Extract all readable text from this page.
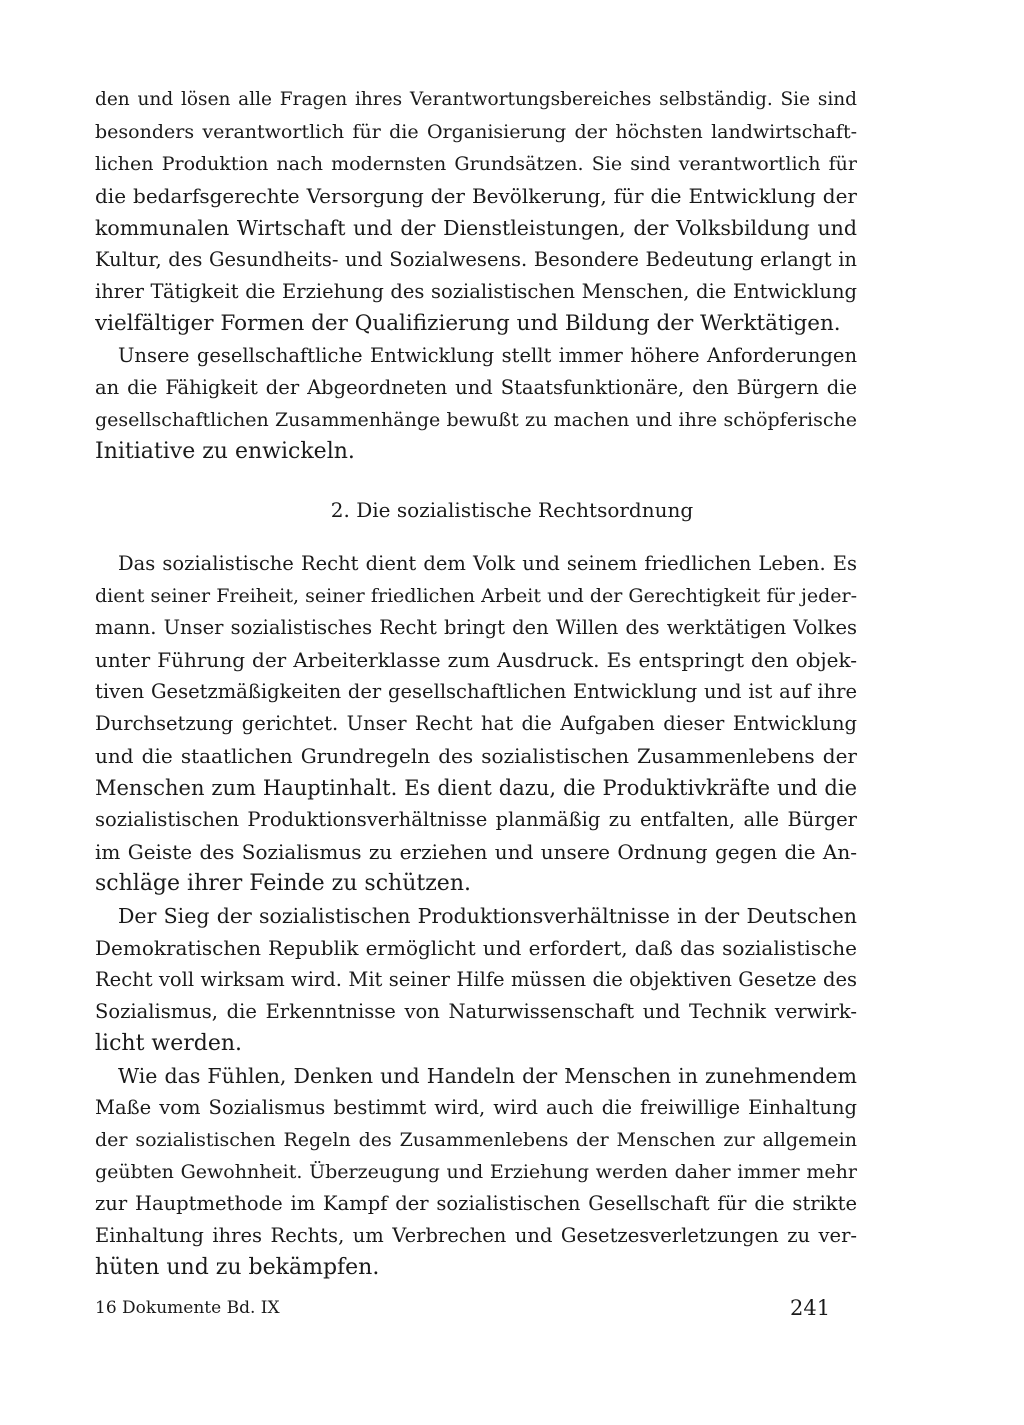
den und lösen alle Fragen ihres Verantwortungsbereiches selbständig. Sie sind
besonders verantwortlich für die Organisierung der höchsten landwirtschaft-
lichen Produktion nach modernsten Grundsätzen. Sie sind verantwortlich für
die bedarfsgerechte Versorgung der Bevölkerung, für die Entwicklung der
kommunalen Wirtschaft und der Dienstleistungen, der Volksbildung und
Kultur, des Gesundheits- und Sozialwesens. Besondere Bedeutung erlangt in
ihrer Tätigkeit die Erziehung des sozialistischen Menschen, die Entwicklung
vielfältiger Formen der Qualifizierung und Bildung der Werktätigen.
Unsere gesellschaftliche Entwicklung stellt immer höhere Anforderungen
an die Fähigkeit der Abgeordneten und Staatsfunktionäre, den Bürgern die
gesellschaftlichen Zusammenhänge bewußt zu machen und ihre schöpferische
Initiative zu enwickeln.
2. Die sozialistische Rechtsordnung
Das sozialistische Recht dient dem Volk und seinem friedlichen Leben. Es
dient seiner Freiheit, seiner friedlichen Arbeit und der Gerechtigkeit für jeder-
mann. Unser sozialistisches Recht bringt den Willen des werktätigen Volkes
unter Führung der Arbeiterklasse zum Ausdruck. Es entspringt den objek-
tiven Gesetzmäßigkeiten der gesellschaftlichen Entwicklung und ist auf ihre
Durchsetzung gerichtet. Unser Recht hat die Aufgaben dieser Entwicklung
und die staatlichen Grundregeln des sozialistischen Zusammenlebens der
Menschen zum Hauptinhalt. Es dient dazu, die Produktivkräfte und die
sozialistischen Produktionsverhältnisse planmäßig zu entfalten, alle Bürger
im Geiste des Sozialismus zu erziehen und unsere Ordnung gegen die An-
schläge ihrer Feinde zu schützen.
Der Sieg der sozialistischen Produktionsverhältnisse in der Deutschen
Demokratischen Republik ermöglicht und erfordert, daß das sozialistische
Recht voll wirksam wird. Mit seiner Hilfe müssen die objektiven Gesetze des
Sozialismus, die Erkenntnisse von Naturwissenschaft und Technik verwirk-
licht werden.
Wie das Fühlen, Denken und Handeln der Menschen in zunehmendem
Maße vom Sozialismus bestimmt wird, wird auch die freiwillige Einhaltung
der sozialistischen Regeln des Zusammenlebens der Menschen zur allgemein
geübten Gewohnheit. Überzeugung und Erziehung werden daher immer mehr
zur Hauptmethode im Kampf der sozialistischen Gesellschaft für die strikte
Einhaltung ihres Rechts, um Verbrechen und Gesetzesverletzungen zu ver-
hüten und zu bekämpfen.
16 Dokumente Bd. IX	241
